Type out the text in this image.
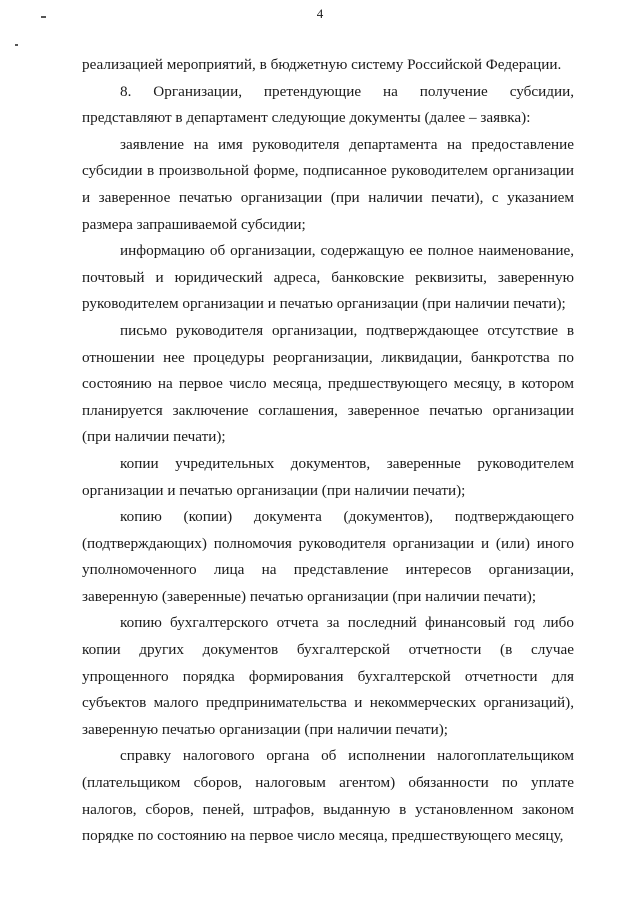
4

реализацией мероприятий, в бюджетную систему Российской Федерации.

8. Организации, претендующие на получение субсидии, представляют в департамент следующие документы (далее – заявка):

заявление на имя руководителя департамента на предоставление субсидии в произвольной форме, подписанное руководителем организации и заверенное печатью организации (при наличии печати), с указанием размера запрашиваемой субсидии;

информацию об организации, содержащую ее полное наименование, почтовый и юридический адреса, банковские реквизиты, заверенную руководителем организации и печатью организации (при наличии печати);

письмо руководителя организации, подтверждающее отсутствие в отношении нее процедуры реорганизации, ликвидации, банкротства по состоянию на первое число месяца, предшествующего месяцу, в котором планируется заключение соглашения, заверенное печатью организации (при наличии печати);

копии учредительных документов, заверенные руководителем организации и печатью организации (при наличии печати);

копию (копии) документа (документов), подтверждающего (подтверждающих) полномочия руководителя организации и (или) иного уполномоченного лица на представление интересов организации, заверенную (заверенные) печатью организации (при наличии печати);

копию бухгалтерского отчета за последний финансовый год либо копии других документов бухгалтерской отчетности (в случае упрощенного порядка формирования бухгалтерской отчетности для субъектов малого предпринимательства и некоммерческих организаций), заверенную печатью организации (при наличии печати);

справку налогового органа об исполнении налогоплательщиком (плательщиком сборов, налоговым агентом) обязанности по уплате налогов, сборов, пеней, штрафов, выданную в установленном законом порядке по состоянию на первое число месяца, предшествующего месяцу,
